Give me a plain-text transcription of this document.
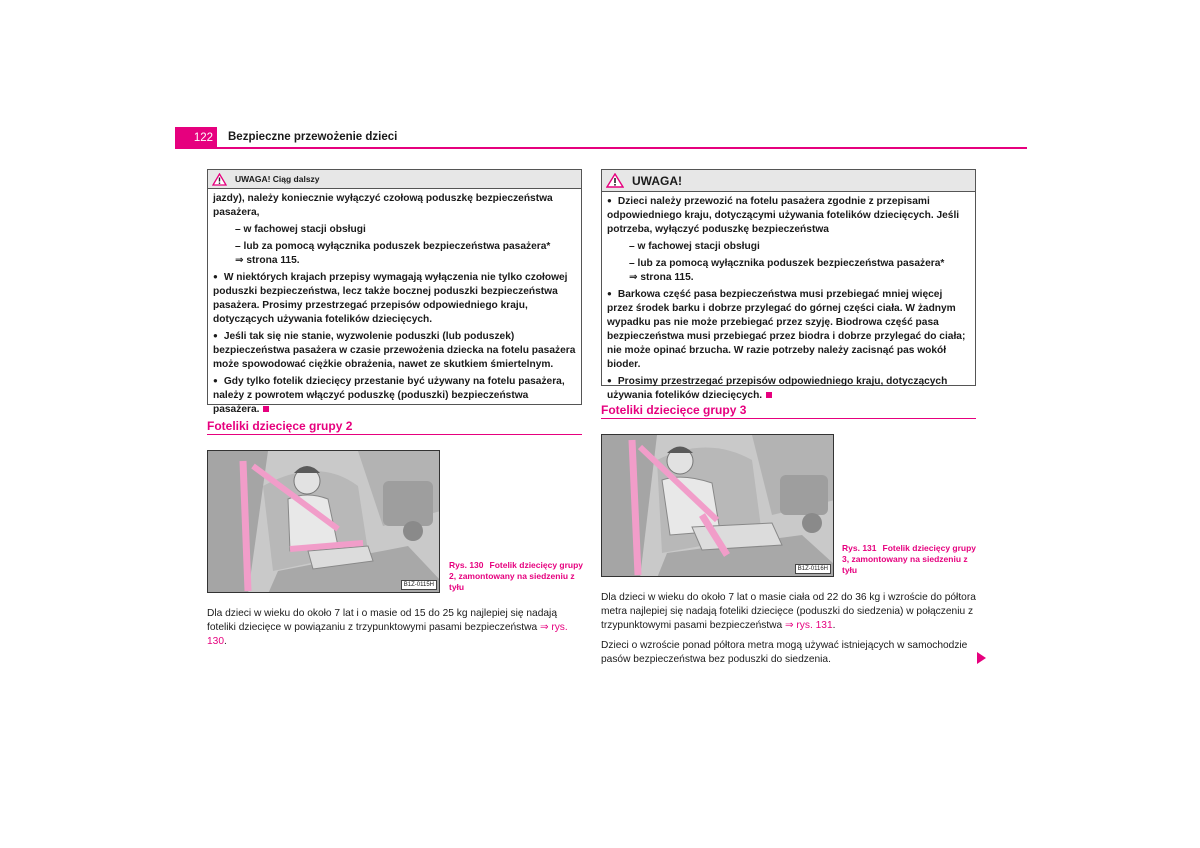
122	Bezpieczne przewożenie dzieci
UWAGA! Ciąg dalszy

jazdy), należy koniecznie wyłączyć czołową poduszkę bezpieczeństwa pasażera,

– w fachowej stacji obsługi

– lub za pomocą wyłącznika poduszek bezpieczeństwa pasażera*

⇒ strona 115.

● W niektórych krajach przepisy wymagają wyłączenia nie tylko czołowej poduszki bezpieczeństwa, lecz także bocznej poduszki bezpieczeństwa pasażera. Prosimy przestrzegać przepisów odpowiedniego kraju, dotyczących używania fotelików dziecięcych.

● Jeśli tak się nie stanie, wyzwolenie poduszki (lub poduszek) bezpieczeństwa pasażera w czasie przewożenia dziecka na fotelu pasażera może spowodować ciężkie obrażenia, nawet ze skutkiem śmiertelnym.

● Gdy tylko fotelik dziecięcy przestanie być używany na fotelu pasażera, należy z powrotem włączyć poduszkę (poduszki) bezpieczeństwa pasażera.

UWAGA!

● Dzieci należy przewozić na fotelu pasażera zgodnie z przepisami odpowiedniego kraju, dotyczącymi używania fotelików dziecięcych. Jeśli potrzeba, wyłączyć poduszkę bezpieczeństwa

– w fachowej stacji obsługi

– lub za pomocą wyłącznika poduszek bezpieczeństwa pasażera*

⇒ strona 115.

● Barkowa część pasa bezpieczeństwa musi przebiegać mniej więcej przez środek barku i dobrze przylegać do górnej części ciała. W żadnym wypadku pas nie może przebiegać przez szyję. Biodrowa część pasa bezpieczeństwa musi przebiegać przez biodra i dobrze przylegać do ciała; nie może opinać brzucha. W razie potrzeby należy zacisnąć pas wokół bioder.

● Prosimy przestrzegać przepisów odpowiedniego kraju, dotyczących używania fotelików dziecięcych.

Foteliki dziecięce grupy 2
B1Z-0115H
Rys. 130 Fotelik dziecięcy grupy 2, zamontowany na siedzeniu z tyłu

Dla dzieci w wieku do około 7 lat i o masie od 15 do 25 kg najlepiej się nadają foteliki dziecięce w powiązaniu z trzypunktowymi pasami bezpieczeństwa ⇒ rys. 130.

Foteliki dziecięce grupy 3
B1Z-0116H
Rys. 131 Fotelik dziecięcy grupy 3, zamontowany na siedzeniu z tyłu

Dla dzieci w wieku do około 7 lat o masie ciała od 22 do 36 kg i wzroście do półtora metra najlepiej się nadają foteliki dziecięce (poduszki do siedzenia) w połączeniu z trzypunktowymi pasami bezpieczeństwa ⇒ rys. 131.

Dzieci o wzroście ponad półtora metra mogą używać istniejących w samochodzie pasów bezpieczeństwa bez poduszki do siedzenia.
